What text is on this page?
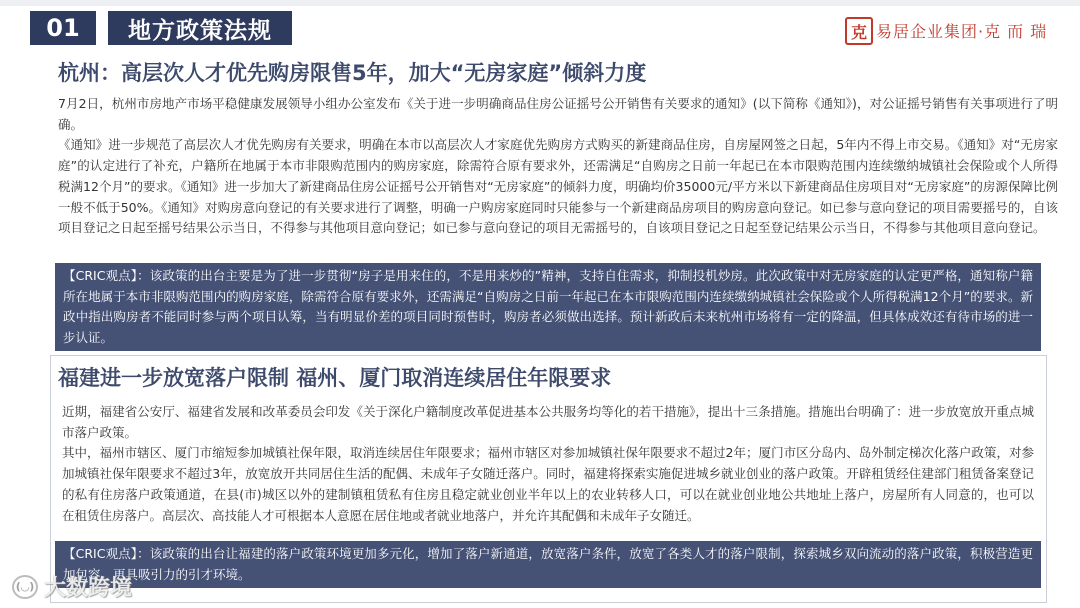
01	地方政策法规	克 易居企业集团·克 而 瑞
杭州：高层次人才优先购房限售5年，加大“无房家庭”倾斜力度

7月2日，杭州市房地产市场平稳健康发展领导小组办公室发布《关于进一步明确商品住房公证摇号公开销售有关要求的通知》(以下简称《通知》)，对公证摇号销售有关事项进行了明确。

《通知》进一步规范了高层次人才优先购房有关要求，明确在本市以高层次人才家庭优先购房方式购买的新建商品住房，自房屋网签之日起，5年内不得上市交易。《通知》对“无房家庭”的认定进行了补充，户籍所在地属于本市非限购范围内的购房家庭，除需符合原有要求外，还需满足“自购房之日前一年起已在本市限购范围内连续缴纳城镇社会保险或个人所得税满12个月”的要求。《通知》进一步加大了新建商品住房公证摇号公开销售对“无房家庭”的倾斜力度，明确均价35000元/平方米以下新建商品住房项目对“无房家庭”的房源保障比例一般不低于50%。《通知》对购房意向登记的有关要求进行了调整，明确一户购房家庭同时只能参与一个新建商品房项目的购房意向登记。如已参与意向登记的项目需要摇号的，自该项目登记之日起至摇号结果公示当日，不得参与其他项目意向登记；如已参与意向登记的项目无需摇号的，自该项目登记之日起至登记结果公示当日，不得参与其他项目意向登记。

【CRIC观点】：该政策的出台主要是为了进一步贯彻“房子是用来住的，不是用来炒的”精神，支持自住需求，抑制投机炒房。此次政策中对无房家庭的认定更严格，通知称户籍所在地属于本市非限购范围内的购房家庭，除需符合原有要求外，还需满足“自购房之日前一年起已在本市限购范围内连续缴纳城镇社会保险或个人所得税满12个月”的要求。新政中指出购房者不能同时参与两个项目认筹，当有明显价差的项目同时预售时，购房者必须做出选择。预计新政后未来杭州市场将有一定的降温，但具体成效还有待市场的进一步认证。
福建进一步放宽落户限制 福州、厦门取消连续居住年限要求

近期，福建省公安厅、福建省发展和改革委员会印发《关于深化户籍制度改革促进基本公共服务均等化的若干措施》，提出十三条措施。措施出台明确了：进一步放宽放开重点城市落户政策。

其中，福州市辖区、厦门市缩短参加城镇社保年限，取消连续居住年限要求；福州市辖区对参加城镇社保年限要求不超过2年；厦门市区分岛内、岛外制定梯次化落户政策，对参加城镇社保年限要求不超过3年，放宽放开共同居住生活的配偶、未成年子女随迁落户。同时，福建将探索实施促进城乡就业创业的落户政策。开辟租赁经住建部门租赁备案登记的私有住房落户政策通道，在县(市)城区以外的建制镇租赁私有住房且稳定就业创业半年以上的农业转移人口，可以在就业创业地公共地址上落户，房屋所有人同意的，也可以在租赁住房落户。高层次、高技能人才可根据本人意愿在居住地或者就业地落户，并允许其配偶和未成年子女随迁。

【CRIC观点】：该政策的出台让福建的落户政策环境更加多元化，增加了落户新通道，放宽落户条件，放宽了各类人才的落户限制，探索城乡双向流动的落户政策，积极营造更加包容、更具吸引力的引才环境。
(◡) 大数跨境
